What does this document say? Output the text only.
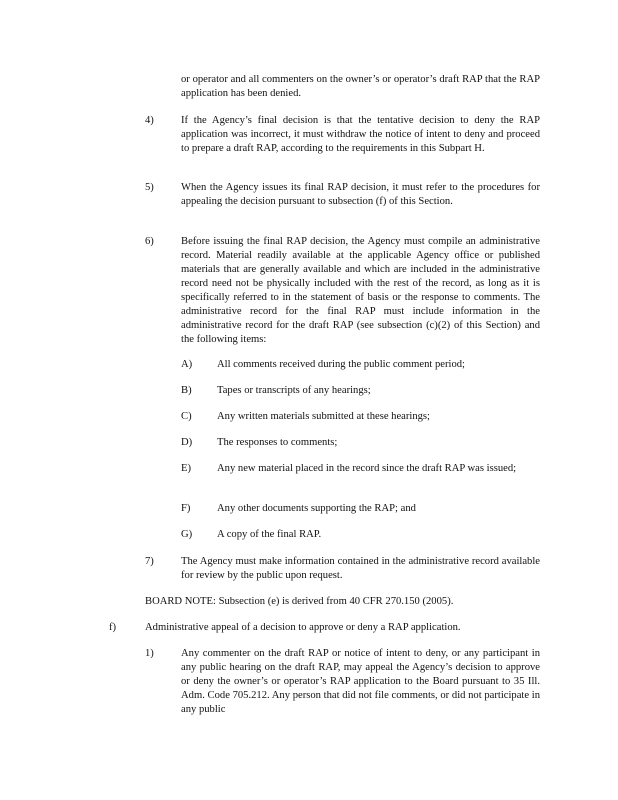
or operator and all commenters on the owner’s or operator’s draft RAP that the RAP application has been denied.

4)	If the Agency’s final decision is that the tentative decision to deny the RAP application was incorrect, it must withdraw the notice of intent to deny and proceed to prepare a draft RAP, according to the requirements in this Subpart H.

5)	When the Agency issues its final RAP decision, it must refer to the procedures for appealing the decision pursuant to subsection (f) of this Section.

6)	Before issuing the final RAP decision, the Agency must compile an administrative record. Material readily available at the applicable Agency office or published materials that are generally available and which are included in the administrative record need not be physically included with the rest of the record, as long as it is specifically referred to in the statement of basis or the response to comments. The administrative record for the final RAP must include information in the administrative record for the draft RAP (see subsection (c)(2) of this Section) and the following items:

A) All comments received during the public comment period;

B) Tapes or transcripts of any hearings;

C) Any written materials submitted at these hearings;

D) The responses to comments;

E) Any new material placed in the record since the draft RAP was issued;

F)	Any other documents supporting the RAP; and

G) A copy of the final RAP.

7)	The Agency must make information contained in the administrative record available for review by the public upon request.

BOARD NOTE: Subsection (e) is derived from 40 CFR 270.150 (2005).

f)	Administrative appeal of a decision to approve or deny a RAP application.

1)	Any commenter on the draft RAP or notice of intent to deny, or any participant in any public hearing on the draft RAP, may appeal the Agency’s decision to approve or deny the owner’s or operator’s RAP application to the Board pursuant to 35 Ill. Adm. Code 705.212. Any person that did not file comments, or did not participate in any public
